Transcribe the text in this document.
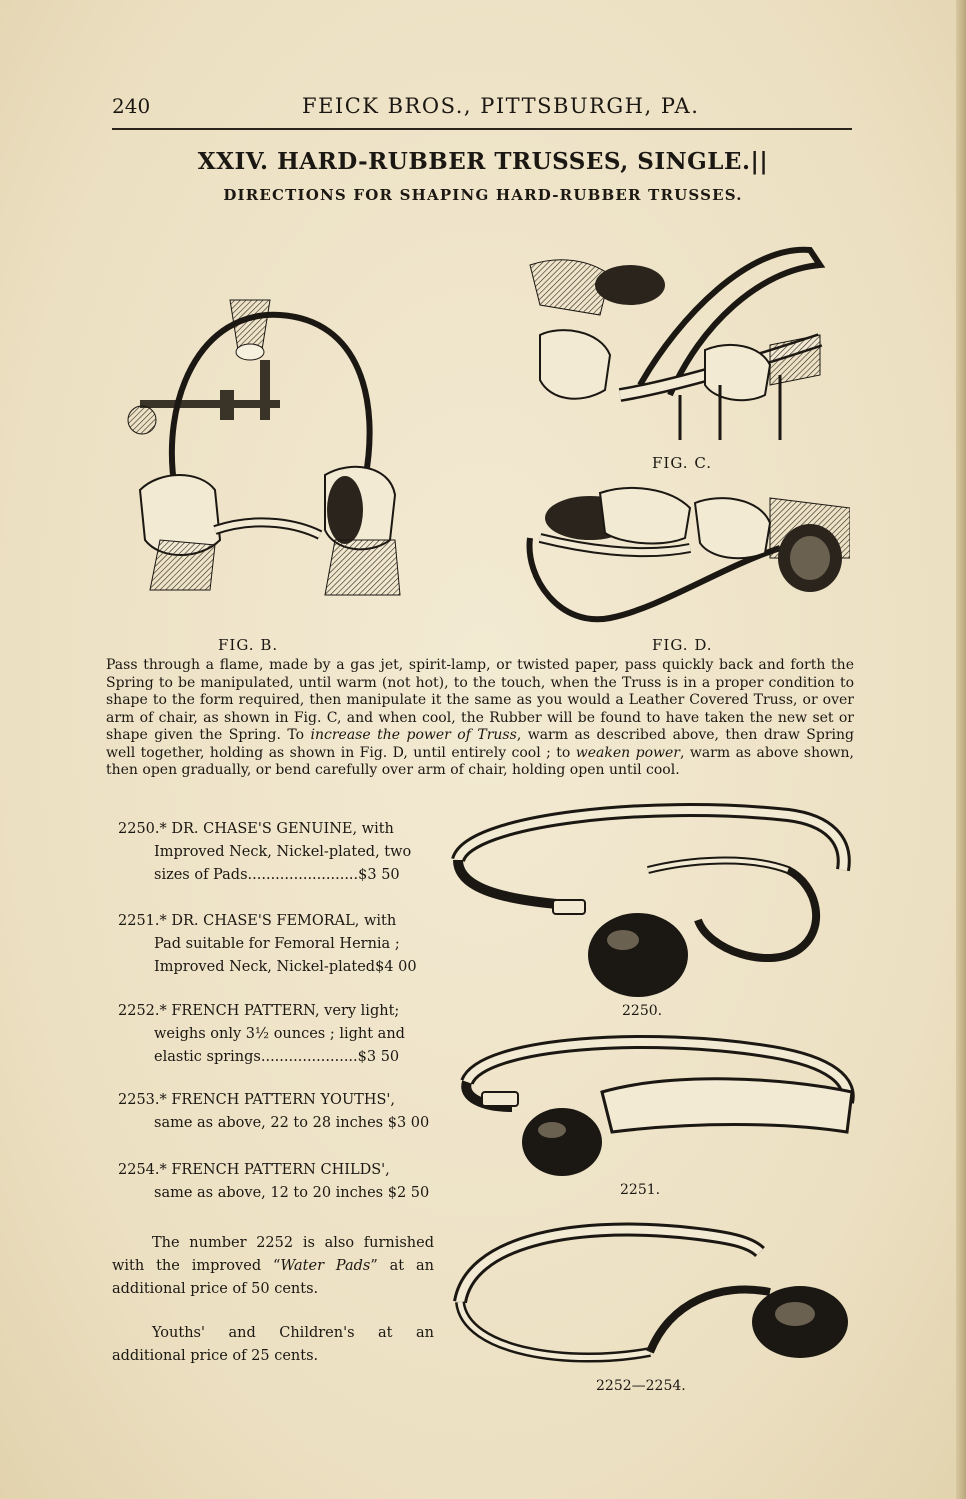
240	FEICK BROS., PITTSBURGH, PA.
XXIV. HARD-RUBBER TRUSSES, SINGLE.||
DIRECTIONS FOR SHAPING HARD-RUBBER TRUSSES.
FIG. B.
FIG. C.
FIG. D.
Pass through a flame, made by a gas jet, spirit-lamp, or twisted paper, pass quickly back and forth the Spring to be manipulated, until warm (not hot), to the touch, when the Truss is in a proper condition to shape to the form required, then manipulate it the same as you would a Leather Covered Truss, or over arm of chair, as shown in Fig. C, and when cool, the Rubber will be found to have taken the new set or shape given the Spring. To increase the power of Truss, warm as described above, then draw Spring well together, holding as shown in Fig. D, until entirely cool ; to weaken power, warm as above shown, then open gradually, or bend carefully over arm of chair, holding open until cool.
2250.* DR. CHASE'S GENUINE, with
Improved Neck, Nickel-plated, two
sizes of Pads........................$3 50
2251.* DR. CHASE'S FEMORAL, with
Pad suitable for Femoral Hernia ;
Improved Neck, Nickel-plated$4 00
2252.* FRENCH PATTERN, very light;
weighs only 3½ ounces ; light and
elastic springs.....................$3 50
2253.* FRENCH PATTERN YOUTHS',
same as above, 22 to 28 inches $3 00
2254.* FRENCH PATTERN CHILDS',
same as above, 12 to 20 inches $2 50

The number 2252 is also furnished with the improved “Water Pads” at an additional price of 50 cents.

Youths' and Children's at an additional price of 25 cents.

2250.
2251.
2252—2254.
